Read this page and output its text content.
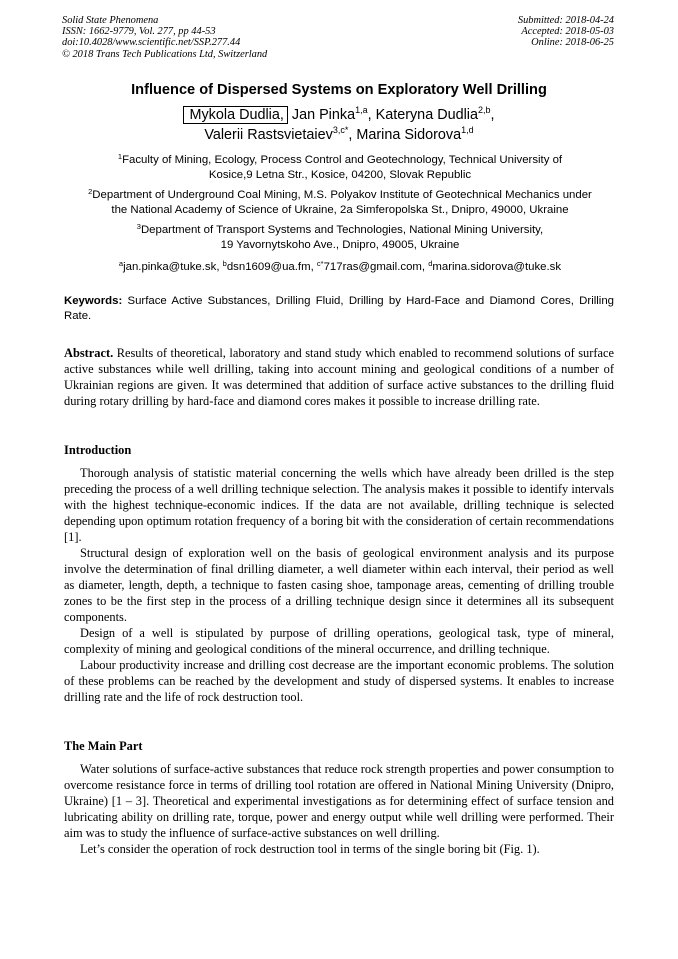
Solid State Phenomena
ISSN: 1662-9779, Vol. 277, pp 44-53
doi:10.4028/www.scientific.net/SSP.277.44
© 2018 Trans Tech Publications Ltd, Switzerland
Submitted: 2018-04-24
Accepted: 2018-05-03
Online: 2018-06-25
Influence of Dispersed Systems on Exploratory Well Drilling
Mykola Dudlia, Jan Pinka$^{1,a}$, Kateryna Dudlia$^{2,b}$,
Valerii Rastsvietaiev$^{3,c*}$, Marina Sidorova$^{1,d}$
$^1$Faculty of Mining, Ecology, Process Control and Geotechnology, Technical University of
Kosice,9 Letna Str., Kosice, 04200, Slovak Republic
$^2$Department of Underground Coal Mining, M.S. Polyakov Institute of Geotechnical Mechanics under
the National Academy of Science of Ukraine, 2a Simferopolska St., Dnipro, 49000, Ukraine
$^3$Department of Transport Systems and Technologies, National Mining University,
19 Yavornytskoho Ave., Dnipro, 49005, Ukraine
$^a$jan.pinka@tuke.sk, $^b$dsn1609@ua.fm, $^{c*}$717ras@gmail.com, $^d$marina.sidorova@tuke.sk
Keywords: Surface Active Substances, Drilling Fluid, Drilling by Hard-Face and Diamond Cores, Drilling Rate.

Abstract. Results of theoretical, laboratory and stand study which enabled to recommend solutions of surface active substances while well drilling, taking into account mining and geological conditions of a number of Ukrainian regions are given. It was determined that addition of surface active substances to the drilling fluid during rotary drilling by hard-face and diamond cores makes it possible to increase drilling rate.

Introduction

Thorough analysis of statistic material concerning the wells which have already been drilled is the step preceding the process of a well drilling technique selection. The analysis makes it possible to identify intervals with the highest technique-economic indices. If the data are not available, drilling technique is selected depending upon optimum rotation frequency of a boring bit with the consideration of certain recommendations [1].

Structural design of exploration well on the basis of geological environment analysis and its purpose involve the determination of final drilling diameter, a well diameter within each interval, their period as well as diameter, length, depth, a technique to fasten casing shoe, tamponage areas, cementing of drilling trouble zones to be the first step in the process of a drilling technique design since it determines all its subsequent components.

Design of a well is stipulated by purpose of drilling operations, geological task, type of mineral, complexity of mining and geological conditions of the mineral occurrence, and drilling technique.

Labour productivity increase and drilling cost decrease are the important economic problems. The solution of these problems can be reached by the development and study of dispersed systems. It enables to increase drilling rate and the life of rock destruction tool.

The Main Part

Water solutions of surface-active substances that reduce rock strength properties and power consumption to overcome resistance force in terms of drilling tool rotation are offered in National Mining University (Dnipro, Ukraine) [1 – 3]. Theoretical and experimental investigations as for determining effect of surface tension and lubricating ability on drilling rate, torque, power and energy output while well drilling were performed. Their aim was to study the influence of surface-active substances on well drilling.

Let’s consider the operation of rock destruction tool in terms of the single boring bit (Fig. 1).
